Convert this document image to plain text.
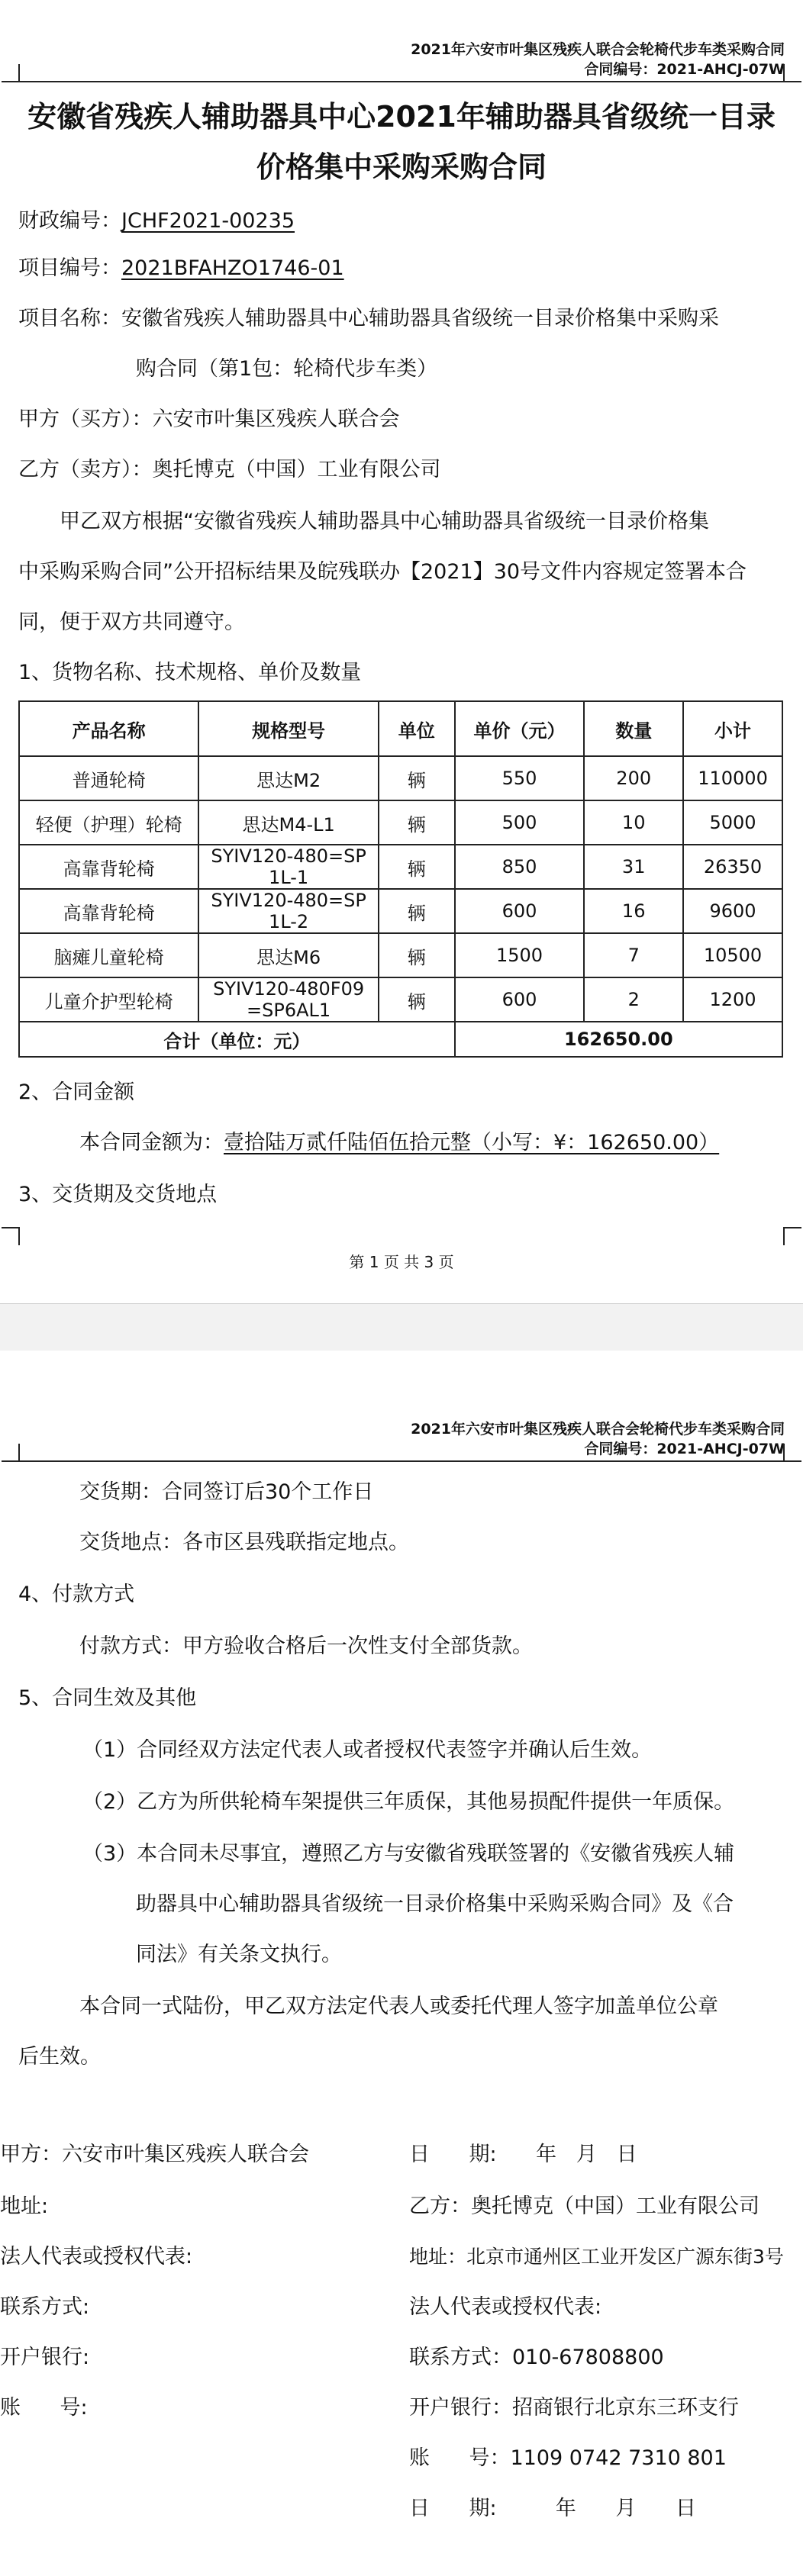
2021年六安市叶集区残疾人联合会轮椅代步车类采购合同
合同编号：2021-AHCJ-07W
安徽省残疾人辅助器具中心2021年辅助器具省级统一目录
价格集中采购采购合同
财政编号：JCHF2021-00235
项目编号：2021BFAHZO1746-01
项目名称：安徽省残疾人辅助器具中心辅助器具省级统一目录价格集中采购采
购合同（第1包：轮椅代步车类）
甲方（买方）：六安市叶集区残疾人联合会
乙方（卖方）：奥托博克（中国）工业有限公司
甲乙双方根据“安徽省残疾人辅助器具中心辅助器具省级统一目录价格集
中采购采购合同”公开招标结果及皖残联办【2021】30号文件内容规定签署本合
同，便于双方共同遵守。
1、货物名称、技术规格、单价及数量
产品名称	规格型号	单位	单价（元）	数量	小计
普通轮椅	思达M2	辆	550	200	110000
轻便（护理）轮椅	思达M4-L1	辆	500	10	5000
高靠背轮椅	SYIV120-480=SP 1L-1	辆	850	31	26350
高靠背轮椅	SYIV120-480=SP 1L-2	辆	600	16	9600
脑瘫儿童轮椅	思达M6	辆	1500	7	10500
儿童介护型轮椅	SYIV120-480F09 =SP6AL1	辆	600	2	1200
合计（单位：元）			162650.00		
2、合同金额
本合同金额为：壹拾陆万贰仟陆佰伍拾元整（小写：¥：162650.00）
3、交货期及交货地点
第 1 页 共 3 页
2021年六安市叶集区残疾人联合会轮椅代步车类采购合同
合同编号：2021-AHCJ-07W
交货期：合同签订后30个工作日
交货地点：各市区县残联指定地点。
4、付款方式
付款方式：甲方验收合格后一次性支付全部货款。
5、合同生效及其他
（1）合同经双方法定代表人或者授权代表签字并确认后生效。
（2）乙方为所供轮椅车架提供三年质保，其他易损配件提供一年质保。
（3）本合同未尽事宜，遵照乙方与安徽省残联签署的《安徽省残疾人辅
助器具中心辅助器具省级统一目录价格集中采购采购合同》及《合
同法》有关条文执行。
本合同一式陆份，甲乙双方法定代表人或委托代理人签字加盖单位公章
后生效。
甲方：六安市叶集区残疾人联合会
地址:
法人代表或授权代表:
联系方式:
开户银行:
账      号:
日      期:      年   月   日
乙方：奥托博克（中国）工业有限公司
地址：北京市通州区工业开发区广源东街3号
法人代表或授权代表:
联系方式：010-67808800
开户银行：招商银行北京东三环支行
账      号：1109 0742 7310 801
日      期:         年      月      日
